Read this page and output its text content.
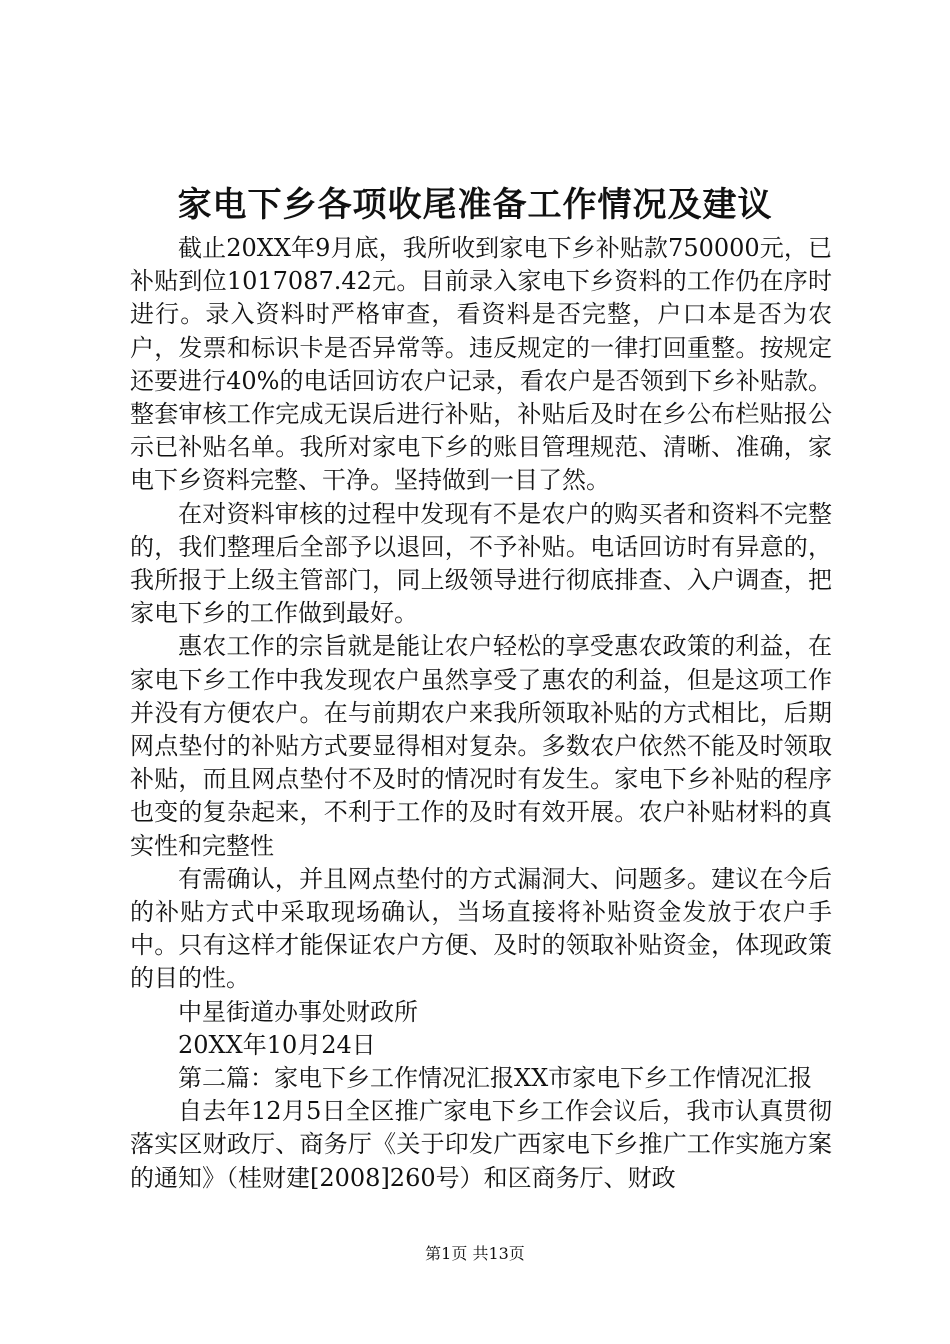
家电下乡各项收尾准备工作情况及建议

截止20XX年9月底，我所收到家电下乡补贴款750000元，已补贴到位1017087.42元。目前录入家电下乡资料的工作仍在序时进行。录入资料时严格审查，看资料是否完整，户口本是否为农户，发票和标识卡是否异常等。违反规定的一律打回重整。按规定还要进行40%的电话回访农户记录，看农户是否领到下乡补贴款。整套审核工作完成无误后进行补贴，补贴后及时在乡公布栏贴报公示已补贴名单。我所对家电下乡的账目管理规范、清晰、准确，家电下乡资料完整、干净。坚持做到一目了然。

在对资料审核的过程中发现有不是农户的购买者和资料不完整的，我们整理后全部予以退回，不予补贴。电话回访时有异意的，我所报于上级主管部门，同上级领导进行彻底排查、入户调查，把家电下乡的工作做到最好。

惠农工作的宗旨就是能让农户轻松的享受惠农政策的利益，在家电下乡工作中我发现农户虽然享受了惠农的利益，但是这项工作并没有方便农户。在与前期农户来我所领取补贴的方式相比，后期网点垫付的补贴方式要显得相对复杂。多数农户依然不能及时领取补贴，而且网点垫付不及时的情况时有发生。家电下乡补贴的程序也变的复杂起来，不利于工作的及时有效开展。农户补贴材料的真实性和完整性

有需确认，并且网点垫付的方式漏洞大、问题多。建议在今后的补贴方式中采取现场确认，当场直接将补贴资金发放于农户手中。只有这样才能保证农户方便、及时的领取补贴资金，体现政策的目的性。

中星街道办事处财政所

20XX年10月24日

第二篇：家电下乡工作情况汇报XX市家电下乡工作情况汇报

自去年12月5日全区推广家电下乡工作会议后，我市认真贯彻落实区财政厅、商务厅《关于印发广西家电下乡推广工作实施方案的通知》（桂财建[2008]260号）和区商务厅、财政

第1页 共13页
